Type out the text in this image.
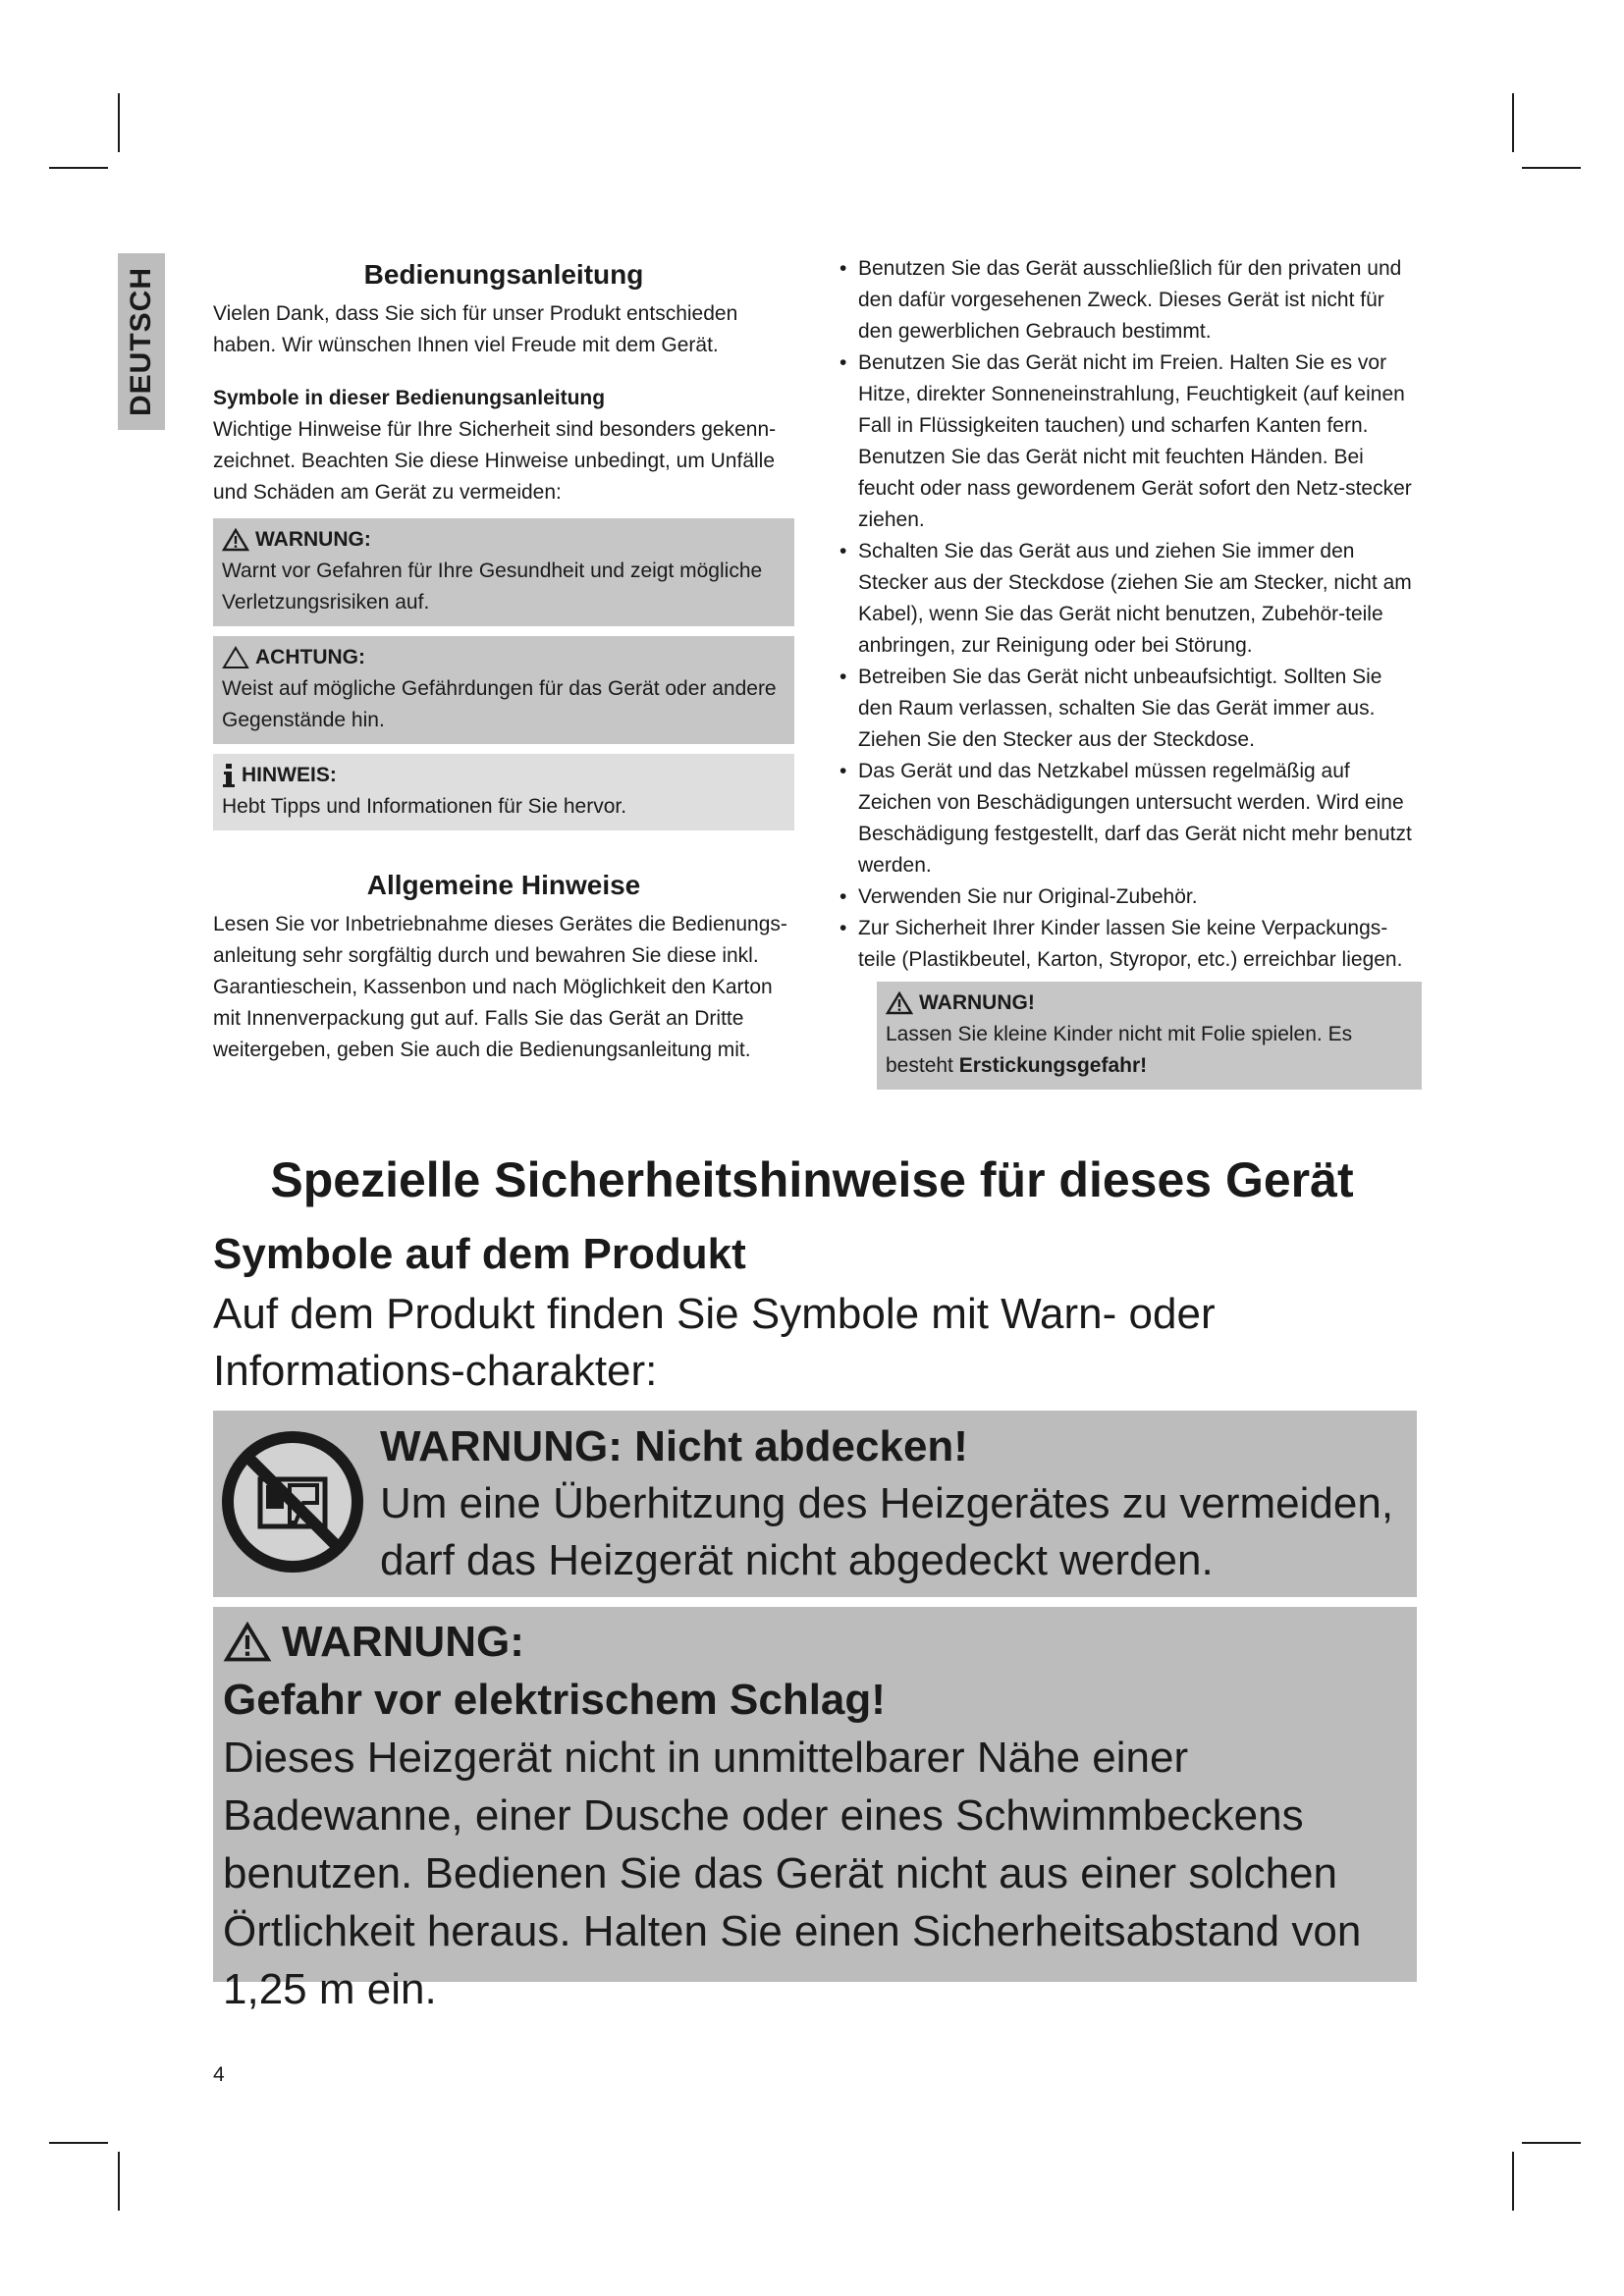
DEUTSCH	Bedienungsanleitung

Vielen Dank, dass Sie sich für unser Produkt entschieden haben. Wir wünschen Ihnen viel Freude mit dem Gerät.

Symbole in dieser Bedienungsanleitung

Wichtige Hinweise für Ihre Sicherheit sind besonders gekenn-zeichnet. Beachten Sie diese Hinweise unbedingt, um Unfälle und Schäden am Gerät zu vermeiden:

WARNUNG:
Warnt vor Gefahren für Ihre Gesundheit und zeigt mögliche Verletzungsrisiken auf.
ACHTUNG:
Weist auf mögliche Gefährdungen für das Gerät oder andere Gegenstände hin.
HINWEIS:
Hebt Tipps und Informationen für Sie hervor.
Allgemeine Hinweise

Lesen Sie vor Inbetriebnahme dieses Gerätes die Bedienungs-anleitung sehr sorgfältig durch und bewahren Sie diese inkl. Garantieschein, Kassenbon und nach Möglichkeit den Karton mit Innenverpackung gut auf. Falls Sie das Gerät an Dritte weitergeben, geben Sie auch die Bedienungsanleitung mit.

• Benutzen Sie das Gerät ausschließlich für den privaten und den dafür vorgesehenen Zweck. Dieses Gerät ist nicht für den gewerblichen Gebrauch bestimmt.
• Benutzen Sie das Gerät nicht im Freien. Halten Sie es vor Hitze, direkter Sonneneinstrahlung, Feuchtigkeit (auf keinen Fall in Flüssigkeiten tauchen) und scharfen Kanten fern. Benutzen Sie das Gerät nicht mit feuchten Händen. Bei feucht oder nass gewordenem Gerät sofort den Netz-stecker ziehen.
• Schalten Sie das Gerät aus und ziehen Sie immer den Stecker aus der Steckdose (ziehen Sie am Stecker, nicht am Kabel), wenn Sie das Gerät nicht benutzen, Zubehör-teile anbringen, zur Reinigung oder bei Störung.
• Betreiben Sie das Gerät nicht unbeaufsichtigt. Sollten Sie den Raum verlassen, schalten Sie das Gerät immer aus. Ziehen Sie den Stecker aus der Steckdose.
• Das Gerät und das Netzkabel müssen regelmäßig auf Zeichen von Beschädigungen untersucht werden. Wird eine Beschädigung festgestellt, darf das Gerät nicht mehr benutzt werden.
• Verwenden Sie nur Original-Zubehör.
• Zur Sicherheit Ihrer Kinder lassen Sie keine Verpackungs-teile (Plastikbeutel, Karton, Styropor, etc.) erreichbar liegen.
WARNUNG!
Lassen Sie kleine Kinder nicht mit Folie spielen. Es besteht Erstickungsgefahr!
Spezielle Sicherheitshinweise für dieses Gerät
Symbole auf dem Produkt
Auf dem Produkt finden Sie Symbole mit Warn- oder Informations-charakter:
WARNUNG: Nicht abdecken!
Um eine Überhitzung des Heizgerätes zu vermeiden, darf das Heizgerät nicht abgedeckt werden.
WARNUNG:
Gefahr vor elektrischem Schlag!
Dieses Heizgerät nicht in unmittelbarer Nähe einer Badewanne, einer Dusche oder eines Schwimmbeckens benutzen. Bedienen Sie das Gerät nicht aus einer solchen Örtlichkeit heraus. Halten Sie einen Sicherheitsabstand von 1,25 m ein.
4
